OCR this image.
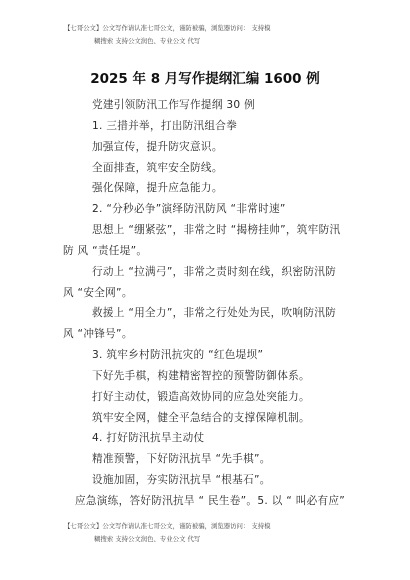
【七哥公文】公文写作请认准七哥公文，谨防被骗，浏览器访问： 支持模
糊搜索 支持公文润色、专业公文 代写
2025 年 8 月写作提纲汇编 1600 例
党建引领防汛工作写作提纲 30 例
1. 三措并举，打出防汛组合拳
加强宣传，提升防灾意识。
全面排查，筑牢安全防线。
强化保障，提升应急能力。
2. “分秒必争”演绎防汛防风 “非常时速”
思想上 “绷紧弦”，非常之时 “揭榜挂帅”，筑牢防汛
防 风 “责任堤”。
行动上 “拉满弓”，非常之责时刻在线，织密防汛防
风 “安全网”。
救援上 “用全力”，非常之行处处为民，吹响防汛防
风 “冲锋号”。
3. 筑牢乡村防汛抗灾的 “红色堤坝”
下好先手棋，构建精密智控的预警防御体系。
打好主动仗，锻造高效协同的应急处突能力。
筑牢安全网，健全平急结合的支撑保障机制。
4. 打好防汛抗旱主动仗
精准预警，下好防汛抗旱 “先手棋”。
设施加固，夯实防汛抗旱 “根基石”。
【七哥公文】公文写作请认准七哥公文，谨防被骗，浏览器访问： 支持模
糊搜索 支持公文润色、专业公文 代写
应急演练，答好防汛抗旱 “ 民生卷”。5. 以 “ 叫必有应”
